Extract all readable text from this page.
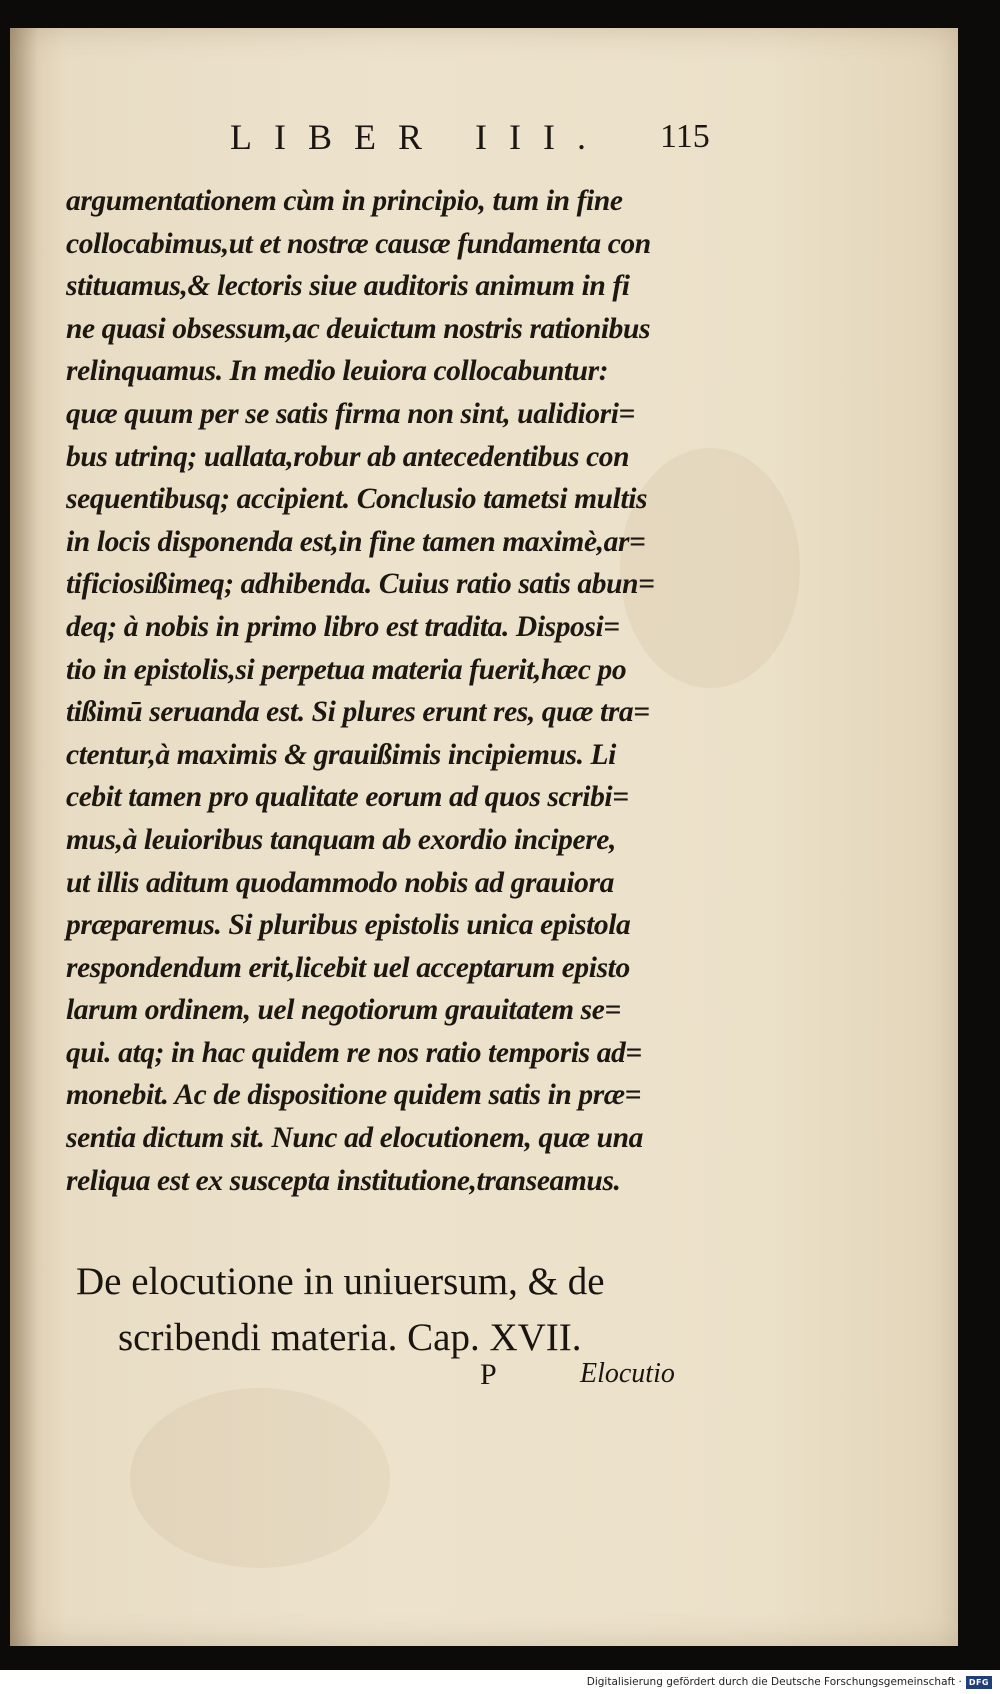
LIBER III. 115
argumentationem cùm in principio, tum in fine
collocabimus,ut et nostræ causæ fundamenta con
stituamus,& lectoris siue auditoris animum in fi
ne quasi obsessum,ac deuictum nostris rationibus
relinquamus. In medio leuiora collocabuntur:
quæ quum per se satis firma non sint, ualidiori=
bus utrinq; uallata,robur ab antecedentibus con
sequentibusq; accipient. Conclusio tametsi multis
in locis disponenda est,in fine tamen maximè,ar=
tificiosißimeq; adhibenda. Cuius ratio satis abun=
deq; à nobis in primo libro est tradita. Disposi=
tio in epistolis,si perpetua materia fuerit,hæc po
tißimū seruanda est. Si plures erunt res, quæ tra=
ctentur,à maximis & grauißimis incipiemus. Li
cebit tamen pro qualitate eorum ad quos scribi=
mus,à leuioribus tanquam ab exordio incipere,
ut illis aditum quodammodo nobis ad grauiora
præparemus. Si pluribus epistolis unica epistola
respondendum erit,licebit uel acceptarum episto
larum ordinem, uel negotiorum grauitatem se=
qui. atq; in hac quidem re nos ratio temporis ad=
monebit. Ac de dispositione quidem satis in præ=
sentia dictum sit. Nunc ad elocutionem, quæ una
reliqua est ex suscepta institutione,transeamus.
De elocutione in uniuersum, & de
scribendi materia. Cap. XVII.
P	Elocutio
Digitalisierung gefördert durch die Deutsche Forschungsgemeinschaft · DFG
